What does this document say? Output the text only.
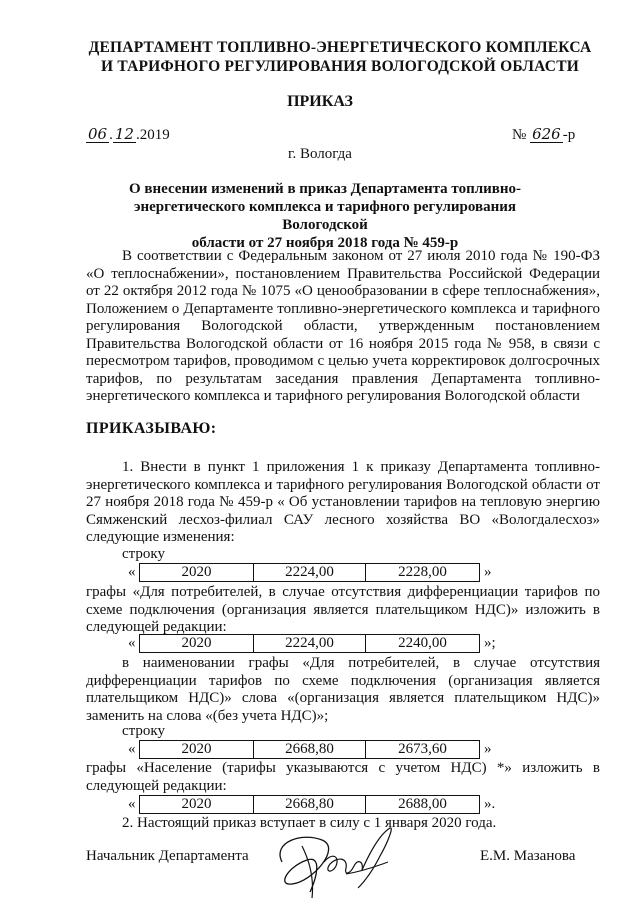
ДЕПАРТАМЕНТ ТОПЛИВНО-ЭНЕРГЕТИЧЕСКОГО КОМПЛЕКСА
И ТАРИФНОГО РЕГУЛИРОВАНИЯ ВОЛОГОДСКОЙ ОБЛАСТИ
ПРИКАЗ
06 . 12 .2019	№ 626 -р
г. Вологда
О внесении изменений в приказ Департамента топливно-
энергетического комплекса и тарифного регулирования Вологодской
области от 27 ноября 2018 года № 459-р
В соответствии с Федеральным законом от 27 июля 2010 года № 190-ФЗ «О теплоснабжении», постановлением Правительства Российской Федерации от 22 октября 2012 года № 1075 «О ценообразовании в сфере теплоснабжения», Положением о Департаменте топливно-энергетического комплекса и тарифного регулирования Вологодской области, утвержденным постановлением Правительства Вологодской области от 16 ноября 2015 года № 958, в связи с пересмотром тарифов, проводимом с целью учета корректировок долгосрочных тарифов, по результатам заседания правления Департамента топливно-энергетического комплекса и тарифного регулирования Вологодской области
ПРИКАЗЫВАЮ:
1. Внести в пункт 1 приложения 1 к приказу Департамента топливно-энергетического комплекса и тарифного регулирования Вологодской области от 27 ноября 2018 года № 459-р « Об установлении тарифов на тепловую энергию Сямженский лесхоз-филиал САУ лесного хозяйства ВО «Вологдалесхоз» следующие изменения:
строку
«	2020	2224,00	2228,00	»
графы «Для потребителей, в случае отсутствия дифференциации тарифов по схеме подключения (организация является плательщиком НДС)» изложить в следующей редакции:
«	2020	2224,00	2240,00	»;
в наименовании графы «Для потребителей, в случае отсутствия дифференциации тарифов по схеме подключения (организация является плательщиком НДС)» слова «(организация является плательщиком НДС)» заменить на слова «(без учета НДС)»;
строку
«	2020	2668,80	2673,60	»
графы «Население (тарифы указываются с учетом НДС) *» изложить в следующей редакции:
«	2020	2668,80	2688,00	».
2. Настоящий приказ вступает в силу с 1 января 2020 года.
Начальник Департамента	Е.М. Мазанова
